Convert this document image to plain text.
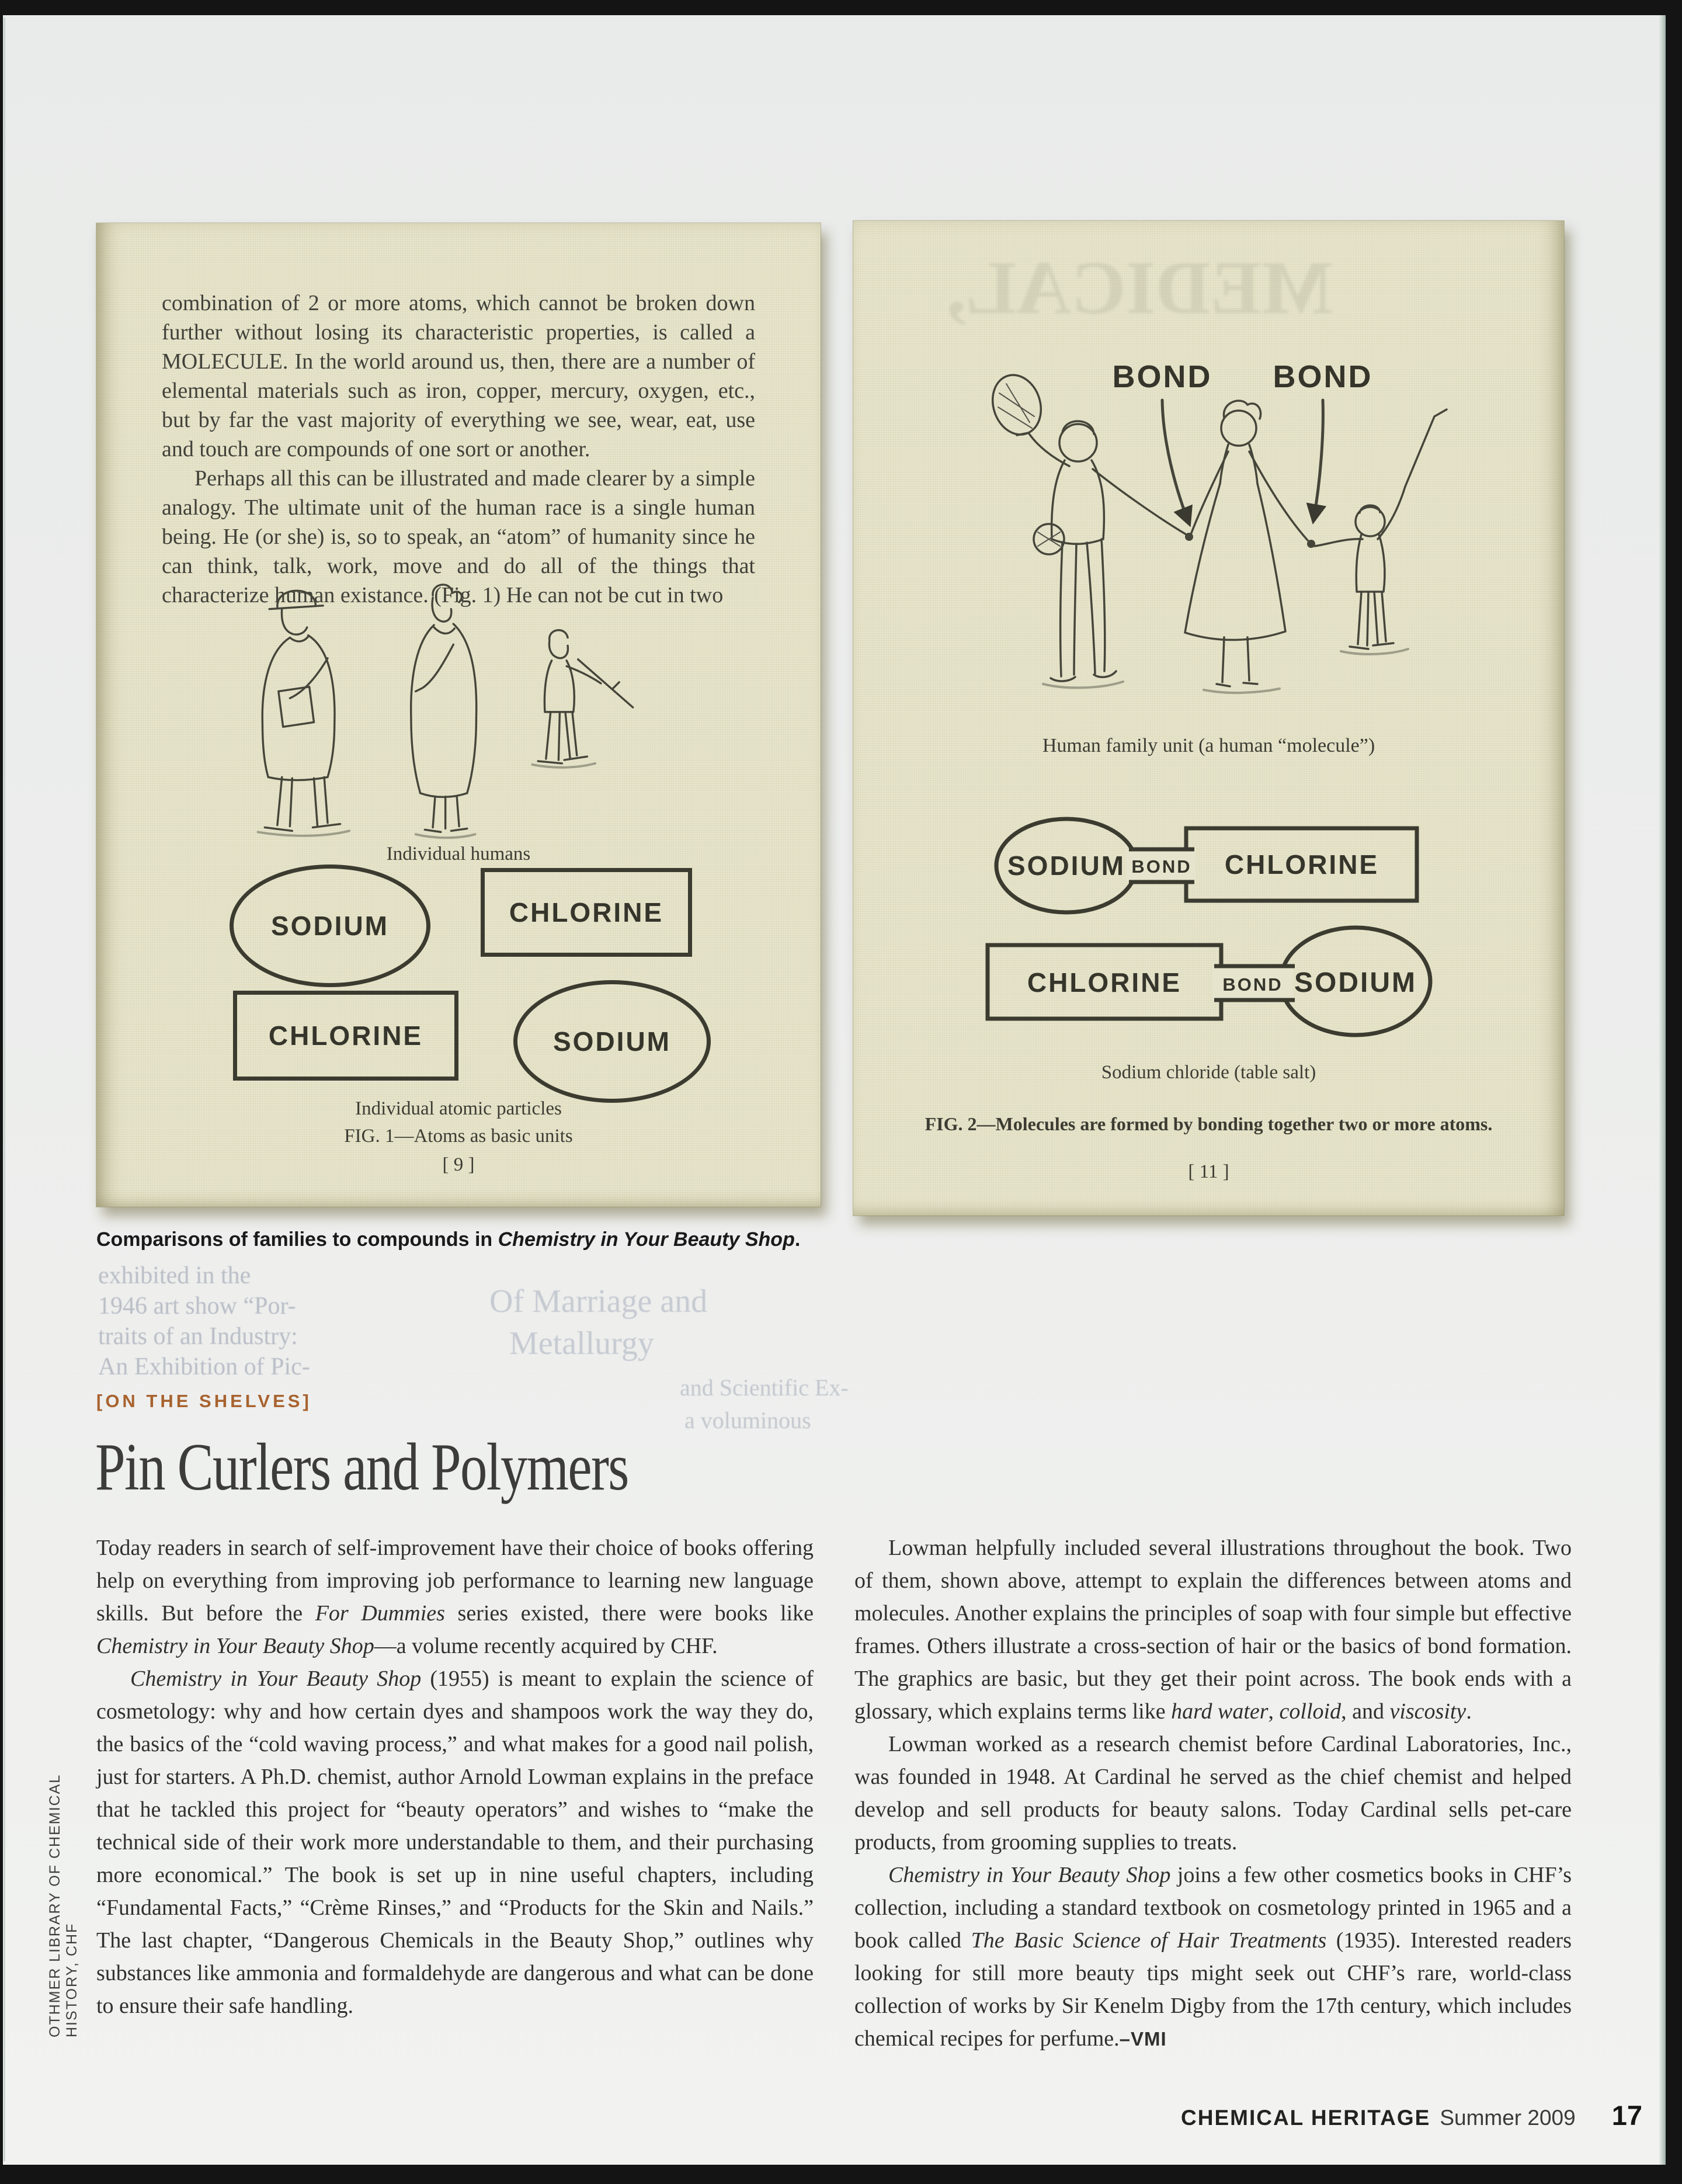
exhibited in the
1946 art show “Por-
traits of an Industry:
An Exhibition of Pic-
and Scientific Ex-
a voluminous
Of Marriage and
Metallurgy

combination of 2 or more atoms, which cannot be broken down further without losing its characteristic properties, is called a MOLECULE. In the world around us, then, there are a number of elemental materials such as iron, copper, mercury, oxygen, etc., but by far the vast majority of everything we see, wear, eat, use and touch are compounds of one sort or another.

Perhaps all this can be illustrated and made clearer by a simple analogy. The ultimate unit of the human race is a single human being. He (or she) is, so to speak, an “atom” of humanity since he can think, talk, work, move and do all of the things that characterize human existance. (Fig. 1) He can not be cut in two

Individual humans
SODIUM	CHLORINE
CHLORINE	SODIUM
Individual atomic particles
FIG. 1—Atoms as basic units
[ 9 ]
MEDICAL,
BOND BOND
Human family unit (a human “molecule”)
SODIUM BOND CHLORINE
CHLORINE BOND SODIUM
Sodium chloride (table salt)
FIG. 2—Molecules are formed by bonding together two or more atoms.
[ 11 ]
Comparisons of families to compounds in Chemistry in Your Beauty Shop.
[ON THE SHELVES]
Pin Curlers and Polymers

Today readers in search of self-improvement have their choice of books offering help on everything from improving job performance to learning new language skills. But before the For Dummies series existed, there were books like Chemistry in Your Beauty Shop—a volume recently acquired by CHF.

Chemistry in Your Beauty Shop (1955) is meant to explain the science of cosmetology: why and how certain dyes and shampoos work the way they do, the basics of the “cold waving process,” and what makes for a good nail polish, just for starters. A Ph.D. chemist, author Arnold Lowman explains in the preface that he tackled this project for “beauty operators” and wishes to “make the technical side of their work more understandable to them, and their purchasing more economical.” The book is set up in nine useful chapters, including “Fundamental Facts,” “Crème Rinses,” and “Products for the Skin and Nails.” The last chapter, “Dangerous Chemicals in the Beauty Shop,” outlines why substances like ammonia and formaldehyde are dangerous and what can be done to ensure their safe handling.

Lowman helpfully included several illustrations throughout the book. Two of them, shown above, attempt to explain the differences between atoms and molecules. Another explains the principles of soap with four simple but effective frames. Others illustrate a cross-section of hair or the basics of bond formation. The graphics are basic, but they get their point across. The book ends with a glossary, which explains terms like hard water, colloid, and viscosity.

Lowman worked as a research chemist before Cardinal Laboratories, Inc., was founded in 1948. At Cardinal he served as the chief chemist and helped develop and sell products for beauty salons. Today Cardinal sells pet-care products, from grooming supplies to treats.

Chemistry in Your Beauty Shop joins a few other cosmetics books in CHF’s collection, including a standard textbook on cosmetology printed in 1965 and a book called The Basic Science of Hair Treatments (1935). Interested readers looking for still more beauty tips might seek out CHF’s rare, world-class collection of works by Sir Kenelm Digby from the 17th century, which includes chemical recipes for perfume.–VMI

OTHMER LIBRARY OF CHEMICAL HISTORY, CHF
CHEMICAL HERITAGE Summer 2009 17
